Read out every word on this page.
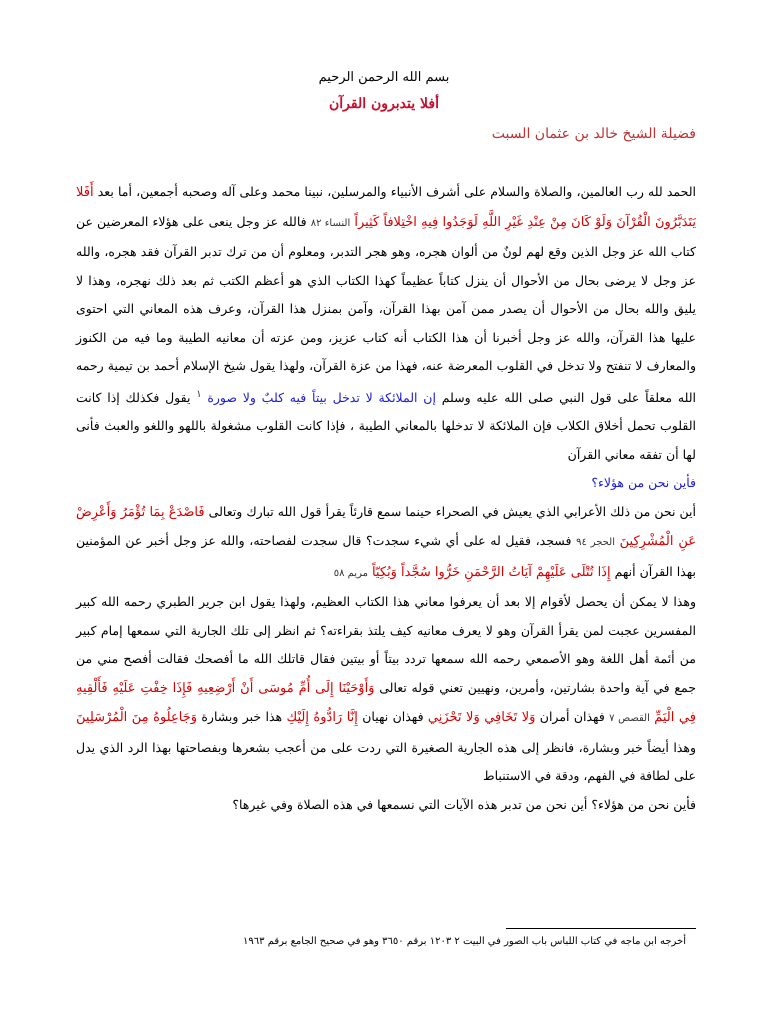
بسم الله الرحمن الرحيم
أفلا يتدبرون القرآن
فضيلة الشيخ خالد بن عثمان السبت

الحمد لله رب العالمين، والصلاة والسلام على أشرف الأنبياء والمرسلين، نبينا محمد وعلى آله وصحبه أجمعين، أما بعد أَفَلا يَتَدَبَّرُونَ الْقُرْآنَ وَلَوْ كَانَ مِنْ عِنْدِ غَيْرِ اللَّهِ لَوَجَدُوا فِيهِ اخْتِلافاً كَثِيراً النساء ٨٢ فالله عز وجل ينعى على هؤلاء المعرضين عن كتاب الله عز وجل الذين وقع لهم لونٌ من ألوان هجره، وهو هجر التدبر، ومعلوم أن من ترك تدبر القرآن فقد هجره، والله عز وجل لا يرضى بحال من الأحوال أن ينزل كتاباً عظيماً كهذا الكتاب الذي هو أعظم الكتب ثم بعد ذلك نهجره، وهذا لا يليق والله بحال من الأحوال أن يصدر ممن آمن بهذا القرآن، وآمن بمنزل هذا القرآن، وعرف هذه المعاني التي احتوى عليها هذا القرآن، والله عز وجل أخبرنا أن هذا الكتاب أنه كتاب عزيز، ومن عزته أن معانيه الطيبة وما فيه من الكنوز والمعارف لا تنفتح ولا تدخل في القلوب المعرضة عنه، فهذا من عزة القرآن، ولهذا يقول شيخ الإسلام أحمد بن تيمية رحمه الله معلقاً على قول النبي صلى الله عليه وسلم إن الملائكة لا تدخل بيتاً فيه كلبٌ ولا صورة $^١$ يقول فكذلك إذا كانت القلوب تحمل أخلاق الكلاب فإن الملائكة لا تدخلها بالمعاني الطيبة ، فإذا كانت القلوب مشغولة باللهو واللغو والعبث فأنى لها أن تفقه معاني القرآن

فأين نحن من هؤلاء؟

أين نحن من ذلك الأعرابي الذي يعيش في الصحراء حينما سمع قارئاً يقرأ قول الله تبارك وتعالى فَاصْدَعْ بِمَا تُؤْمَرُ وَأَعْرِضْ عَنِ الْمُشْرِكِينَ الحجر ٩٤ فسجد، فقيل له على أي شيء سجدت؟ قال سجدت لفصاحته، والله عز وجل أخبر عن المؤمنين بهذا القرآن أنهم إِذَا تُتْلَى عَلَيْهِمْ آيَاتُ الرَّحْمَنِ خَرُّوا سُجَّداً وَبُكِيّاً مريم ٥٨

وهذا لا يمكن أن يحصل لأقوام إلا بعد أن يعرفوا معاني هذا الكتاب العظيم، ولهذا يقول ابن جرير الطبري رحمه الله كبير المفسرين عجبت لمن يقرأ القرآن وهو لا يعرف معانيه كيف يلتذ بقراءته؟ ثم انظر إلى تلك الجارية التي سمعها إمام كبير من أئمة أهل اللغة وهو الأصمعي رحمه الله سمعها تردد بيتاً أو بيتين فقال قاتلك الله ما أفصحك فقالت أفصح مني من جمع في آية واحدة بشارتين، وأمرين، ونهيين تعني قوله تعالى وَأَوْحَيْنَا إِلَى أُمِّ مُوسَى أَنْ أَرْضِعِيهِ فَإِذَا خِفْتِ عَلَيْهِ فَأَلْقِيهِ فِي الْيَمِّ القصص ٧ فهذان أمران وَلا تَخَافِي وَلا تَحْزَنِي فهذان نهيان إِنَّا رَادُّوهُ إِلَيْكِ هذا خبر وبشارة وَجَاعِلُوهُ مِنَ الْمُرْسَلِينَ وهذا أيضاً خبر وبشارة، فانظر إلى هذه الجارية الصغيرة التي ردت على من أعجب بشعرها وبفصاحتها بهذا الرد الذي يدل على لطافة في الفهم، ودقة في الاستنباط

فأين نحن من هؤلاء؟ أين نحن من تدبر هذه الآيات التي نسمعها في هذه الصلاة وفي غيرها؟

أخرجه ابن ماجه في كتاب اللباس باب الصور في البيت ٢ ١٢٠٣ برقم ٣٦٥٠ وهو في صحيح الجامع برقم ١٩٦٣
